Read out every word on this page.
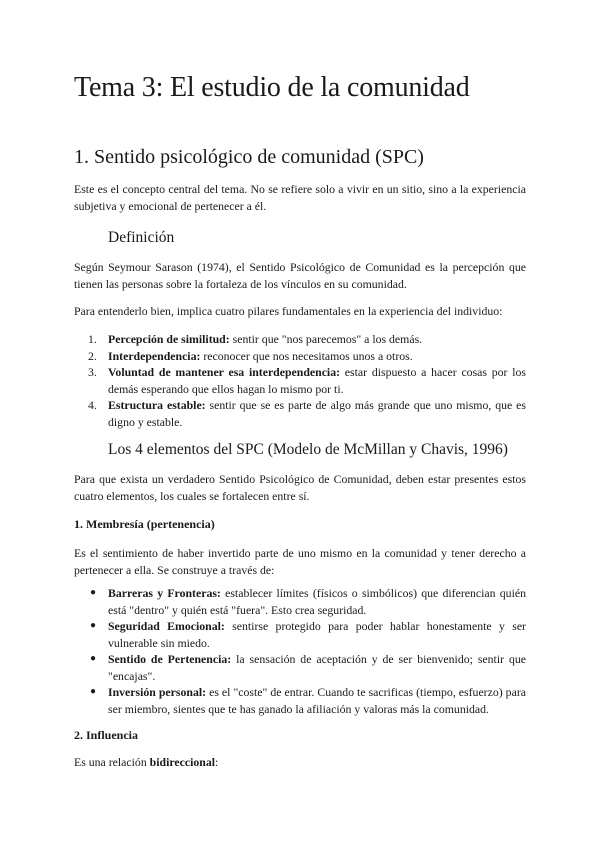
Tema 3: El estudio de la comunidad
1. Sentido psicológico de comunidad (SPC)

Este es el concepto central del tema. No se refiere solo a vivir en un sitio, sino a la experiencia subjetiva y emocional de pertenecer a él.

Definición

Según Seymour Sarason (1974), el Sentido Psicológico de Comunidad es la percepción que tienen las personas sobre la fortaleza de los vínculos en su comunidad.

Para entenderlo bien, implica cuatro pilares fundamentales en la experiencia del individuo:

1. Percepción de similitud: sentir que "nos parecemos" a los demás.
2. Interdependencia: reconocer que nos necesitamos unos a otros.
3. Voluntad de mantener esa interdependencia: estar dispuesto a hacer cosas por los demás esperando que ellos hagan lo mismo por ti.
4. Estructura estable: sentir que se es parte de algo más grande que uno mismo, que es digno y estable.
Los 4 elementos del SPC (Modelo de McMillan y Chavis, 1996)

Para que exista un verdadero Sentido Psicológico de Comunidad, deben estar presentes estos cuatro elementos, los cuales se fortalecen entre sí.

1. Membresía (pertenencia)

Es el sentimiento de haber invertido parte de uno mismo en la comunidad y tener derecho a pertenecer a ella. Se construye a través de:

● Barreras y Fronteras: establecer límites (físicos o simbólicos) que diferencian quién está "dentro" y quién está "fuera". Esto crea seguridad.
● Seguridad Emocional: sentirse protegido para poder hablar honestamente y ser vulnerable sin miedo.
● Sentido de Pertenencia: la sensación de aceptación y de ser bienvenido; sentir que "encajas".
● Inversión personal: es el "coste" de entrar. Cuando te sacrificas (tiempo, esfuerzo) para ser miembro, sientes que te has ganado la afiliación y valoras más la comunidad.
2. Influencia

Es una relación bidireccional:
